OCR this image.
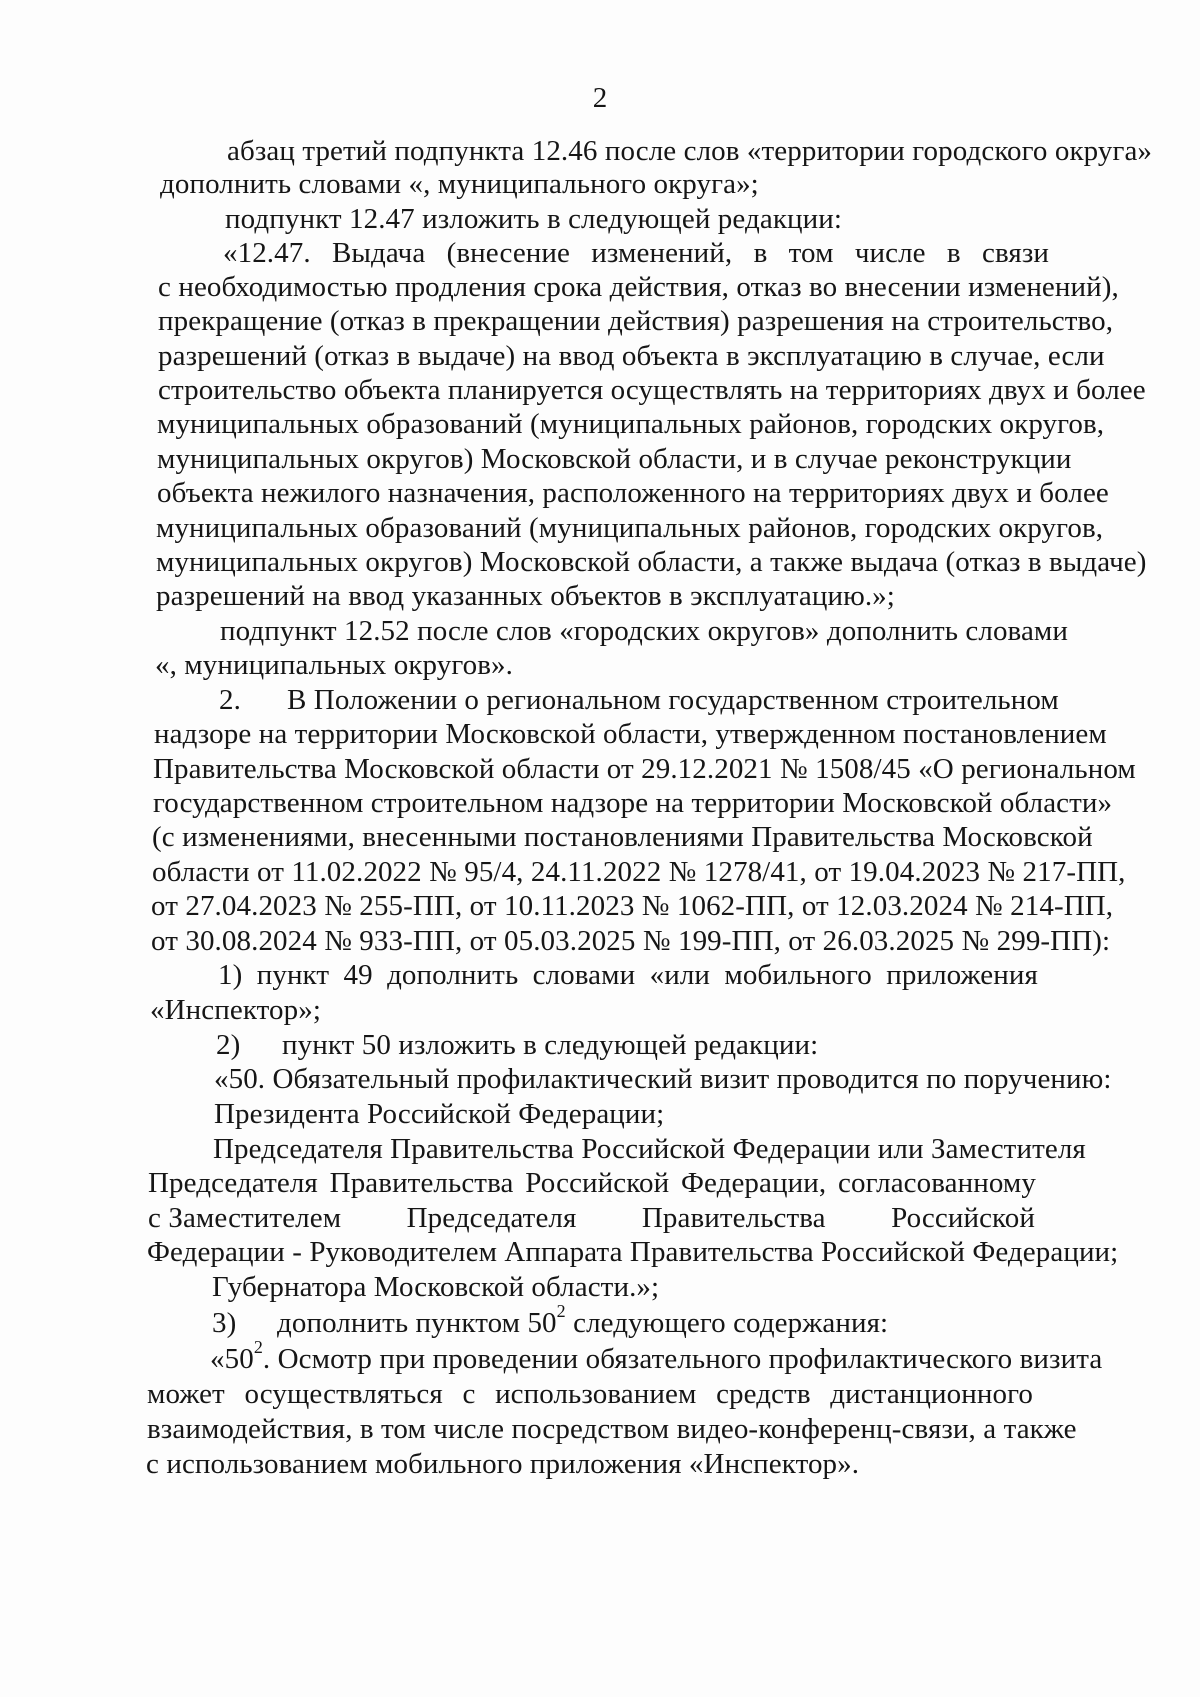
2
абзац третий подпункта 12.46 после слов «территории городского округа»
дополнить словами «, муниципального округа»;
подпункт 12.47 изложить в следующей редакции:
«12.47. Выдача (внесение изменений, в том числе в связи
с необходимостью продления срока действия, отказ во внесении изменений),
прекращение (отказ в прекращении действия) разрешения на строительство,
разрешений (отказ в выдаче) на ввод объекта в эксплуатацию в случае, если
строительство объекта планируется осуществлять на территориях двух и более
муниципальных образований (муниципальных районов, городских округов,
муниципальных округов) Московской области, и в случае реконструкции
объекта нежилого назначения, расположенного на территориях двух и более
муниципальных образований (муниципальных районов, городских округов,
муниципальных округов) Московской области, а также выдача (отказ в выдаче)
разрешений на ввод указанных объектов в эксплуатацию.»;
подпункт 12.52 после слов «городских округов» дополнить словами
«, муниципальных округов».
2. В Положении о региональном государственном строительном
надзоре на территории Московской области, утвержденном постановлением
Правительства Московской области от 29.12.2021 № 1508/45 «О региональном
государственном строительном надзоре на территории Московской области»
(с изменениями, внесенными постановлениями Правительства Московской
области от 11.02.2022 № 95/4, 24.11.2022 № 1278/41, от 19.04.2023 № 217-ПП,
от 27.04.2023 № 255-ПП, от 10.11.2023 № 1062-ПП, от 12.03.2024 № 214-ПП,
от 30.08.2024 № 933-ПП, от 05.03.2025 № 199-ПП, от 26.03.2025 № 299-ПП):
1) пункт 49 дополнить словами «или мобильного приложения
«Инспектор»;
2) пункт 50 изложить в следующей редакции:
«50. Обязательный профилактический визит проводится по поручению:
Президента Российской Федерации;
Председателя Правительства Российской Федерации или Заместителя
Председателя Правительства Российской Федерации, согласованному
с Заместителем Председателя Правительства Российской
Федерации - Руководителем Аппарата Правительства Российской Федерации;
Губернатора Московской области.»;
3) дополнить пунктом $50^2$ следующего содержания:
«$50^2$ . Осмотр при проведении обязательного профилактического визита
может осуществляться с использованием средств дистанционного
взаимодействия, в том числе посредством видео-конференц-связи, а также
с использованием мобильного приложения «Инспектор».
